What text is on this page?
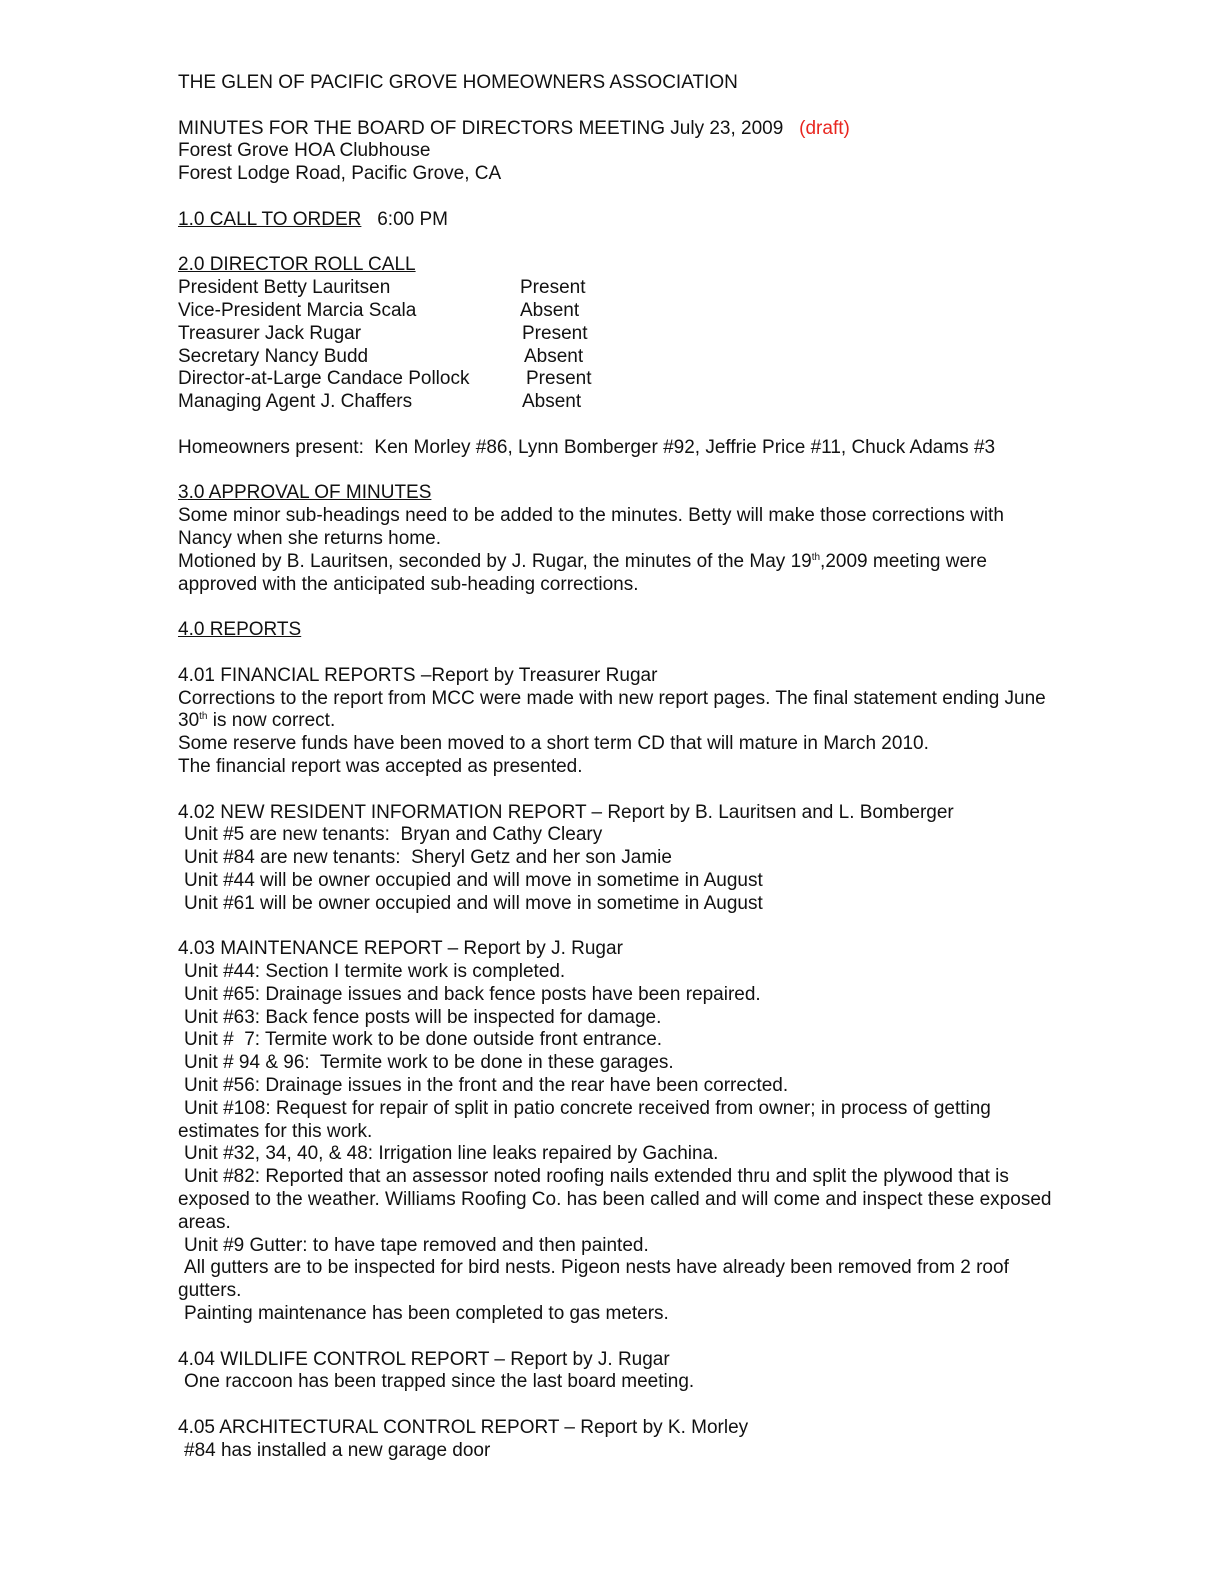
THE GLEN OF PACIFIC GROVE HOMEOWNERS ASSOCIATION
MINUTES FOR THE BOARD OF DIRECTORS MEETING July 23, 2009 (draft)
Forest Grove HOA Clubhouse
Forest Lodge Road, Pacific Grove, CA
1.0 CALL TO ORDER 6:00 PM
2.0 DIRECTOR ROLL CALL
President Betty Lauritsen	Present
Vice-President Marcia Scala	Absent
Treasurer Jack Rugar	Present
Secretary Nancy Budd	Absent
Director-at-Large Candace Pollock	Present
Managing Agent J. Chaffers	Absent
Homeowners present:  Ken Morley #86, Lynn Bomberger #92, Jeffrie Price #11, Chuck Adams #3
3.0 APPROVAL OF MINUTES

Some minor sub-headings need to be added to the minutes. Betty will make those corrections with Nancy when she returns home.

Motioned by B. Lauritsen, seconded by J. Rugar, the minutes of the May 19th,2009 meeting were approved with the anticipated sub-heading corrections.

4.0 REPORTS
4.01 FINANCIAL REPORTS –Report by Treasurer Rugar

Corrections to the report from MCC were made with new report pages. The final statement ending June 30th is now correct.

Some reserve funds have been moved to a short term CD that will mature in March 2010.
The financial report was accepted as presented.
4.02 NEW RESIDENT INFORMATION REPORT – Report by B. Lauritsen and L. Bomberger
Unit #5 are new tenants:  Bryan and Cathy Cleary
Unit #84 are new tenants:  Sheryl Getz and her son Jamie
Unit #44 will be owner occupied and will move in sometime in August
Unit #61 will be owner occupied and will move in sometime in August
4.03 MAINTENANCE REPORT – Report by J. Rugar
Unit #44: Section I termite work is completed.
Unit #65: Drainage issues and back fence posts have been repaired.
Unit #63: Back fence posts will be inspected for damage.
Unit #  7: Termite work to be done outside front entrance.
Unit # 94 & 96:  Termite work to be done in these garages.
Unit #56: Drainage issues in the front and the rear have been corrected.

Unit #108: Request for repair of split in patio concrete received from owner; in process of getting estimates for this work.

Unit #32, 34, 40, & 48: Irrigation line leaks repaired by Gachina.

Unit #82: Reported that an assessor noted roofing nails extended thru and split the plywood that is exposed to the weather. Williams Roofing Co. has been called and will come and inspect these exposed areas.

Unit #9 Gutter: to have tape removed and then painted.

All gutters are to be inspected for bird nests. Pigeon nests have already been removed from 2 roof gutters.

Painting maintenance has been completed to gas meters.
4.04 WILDLIFE CONTROL REPORT – Report by J. Rugar
One raccoon has been trapped since the last board meeting.
4.05 ARCHITECTURAL CONTROL REPORT – Report by K. Morley
#84 has installed a new garage door
